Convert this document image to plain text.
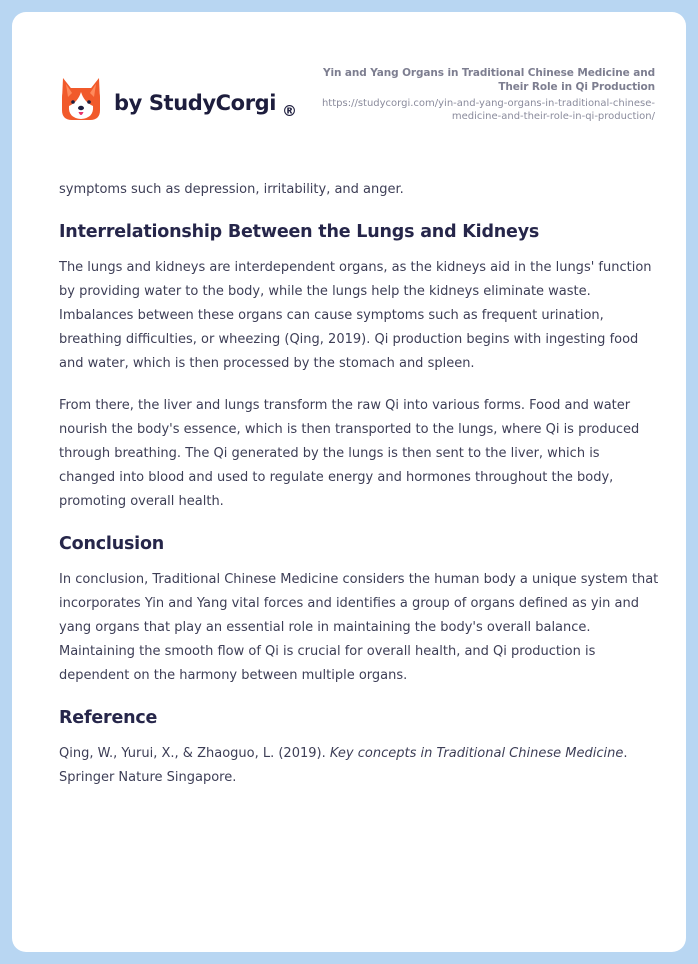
by StudyCorgi ®
Yin and Yang Organs in Traditional Chinese Medicine and Their Role in Qi Production
https://studycorgi.com/yin-and-yang-organs-in-traditional-chinese-medicine-and-their-role-in-qi-production/

symptoms such as depression, irritability, and anger.

Interrelationship Between the Lungs and Kidneys

The lungs and kidneys are interdependent organs, as the kidneys aid in the lungs' function by providing water to the body, while the lungs help the kidneys eliminate waste. Imbalances between these organs can cause symptoms such as frequent urination, breathing difficulties, or wheezing (Qing, 2019). Qi production begins with ingesting food and water, which is then processed by the stomach and spleen.

From there, the liver and lungs transform the raw Qi into various forms. Food and water nourish the body's essence, which is then transported to the lungs, where Qi is produced through breathing. The Qi generated by the lungs is then sent to the liver, which is changed into blood and used to regulate energy and hormones throughout the body, promoting overall health.

Conclusion

In conclusion, Traditional Chinese Medicine considers the human body a unique system that incorporates Yin and Yang vital forces and identifies a group of organs defined as yin and yang organs that play an essential role in maintaining the body's overall balance. Maintaining the smooth flow of Qi is crucial for overall health, and Qi production is dependent on the harmony between multiple organs.

Reference

Qing, W., Yurui, X., & Zhaoguo, L. (2019). Key concepts in Traditional Chinese Medicine. Springer Nature Singapore.
